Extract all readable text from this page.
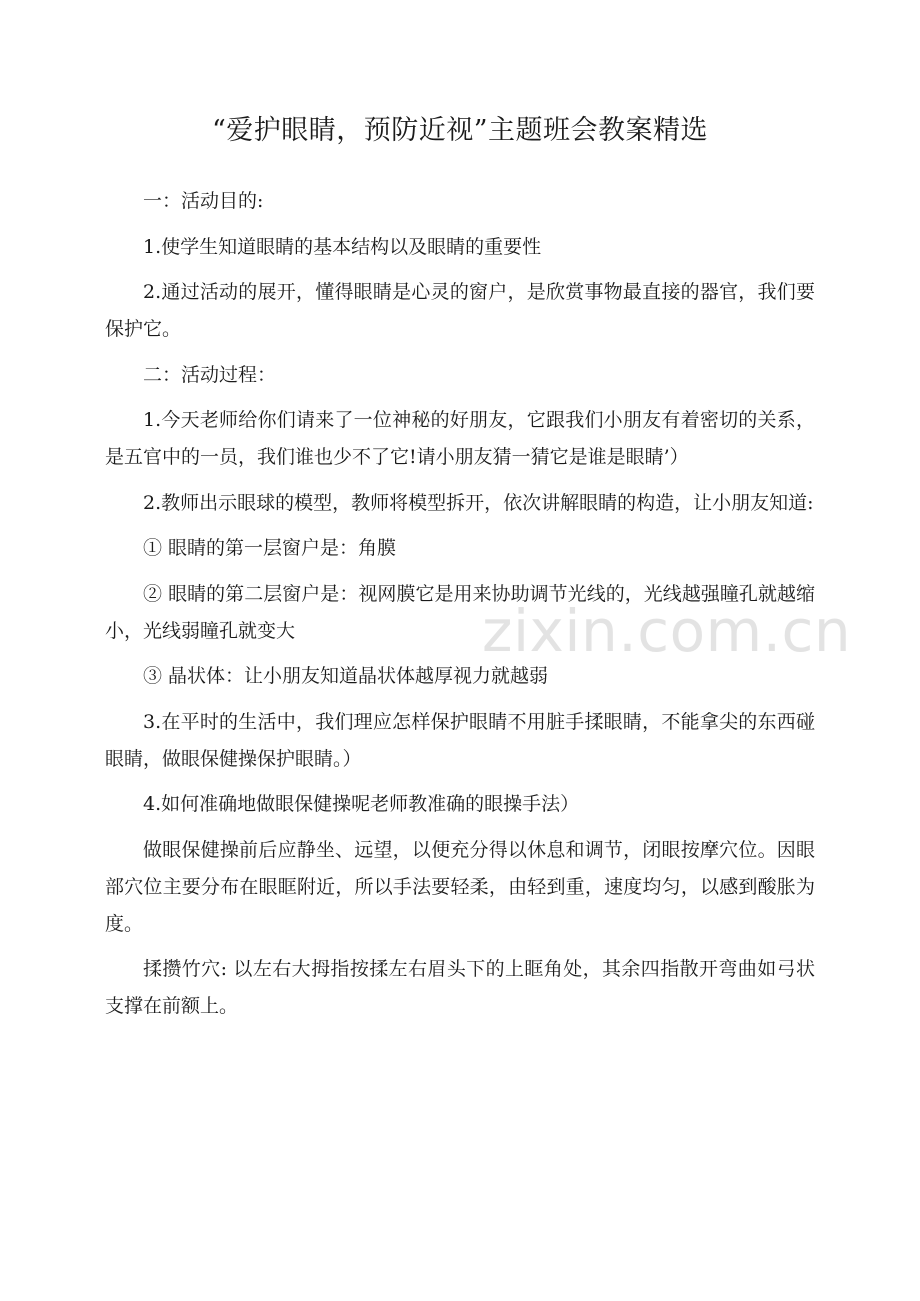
“爱护眼睛，预防近视”主题班会教案精选

一：活动目的:

1.使学生知道眼睛的基本结构以及眼睛的重要性

2.通过活动的展开，懂得眼睛是心灵的窗户，是欣赏事物最直接的器官，我们要保护它。

二：活动过程：

1.今天老师给你们请来了一位神秘的好朋友，它跟我们小朋友有着密切的关系，是五官中的一员，我们谁也少不了它!请小朋友猜一猜它是谁是眼睛’）

2.教师出示眼球的模型，教师将模型拆开，依次讲解眼睛的构造，让小朋友知道:

① 眼睛的第一层窗户是：角膜

② 眼睛的第二层窗户是：视网膜它是用来协助调节光线的，光线越强瞳孔就越缩小，光线弱瞳孔就变大

③ 晶状体：让小朋友知道晶状体越厚视力就越弱

3.在平时的生活中，我们理应怎样保护眼睛不用脏手揉眼睛，不能拿尖的东西碰眼睛，做眼保健操保护眼睛。）

4.如何准确地做眼保健操呢老师教准确的眼操手法）

做眼保健操前后应静坐、远望，以便充分得以休息和调节，闭眼按摩穴位。因眼部穴位主要分布在眼眶附近，所以手法要轻柔，由轻到重，速度均匀，以感到酸胀为度。

揉攒竹穴: 以左右大拇指按揉左右眉头下的上眶角处，其余四指散开弯曲如弓状支撑在前额上。

zixin.com.cn
